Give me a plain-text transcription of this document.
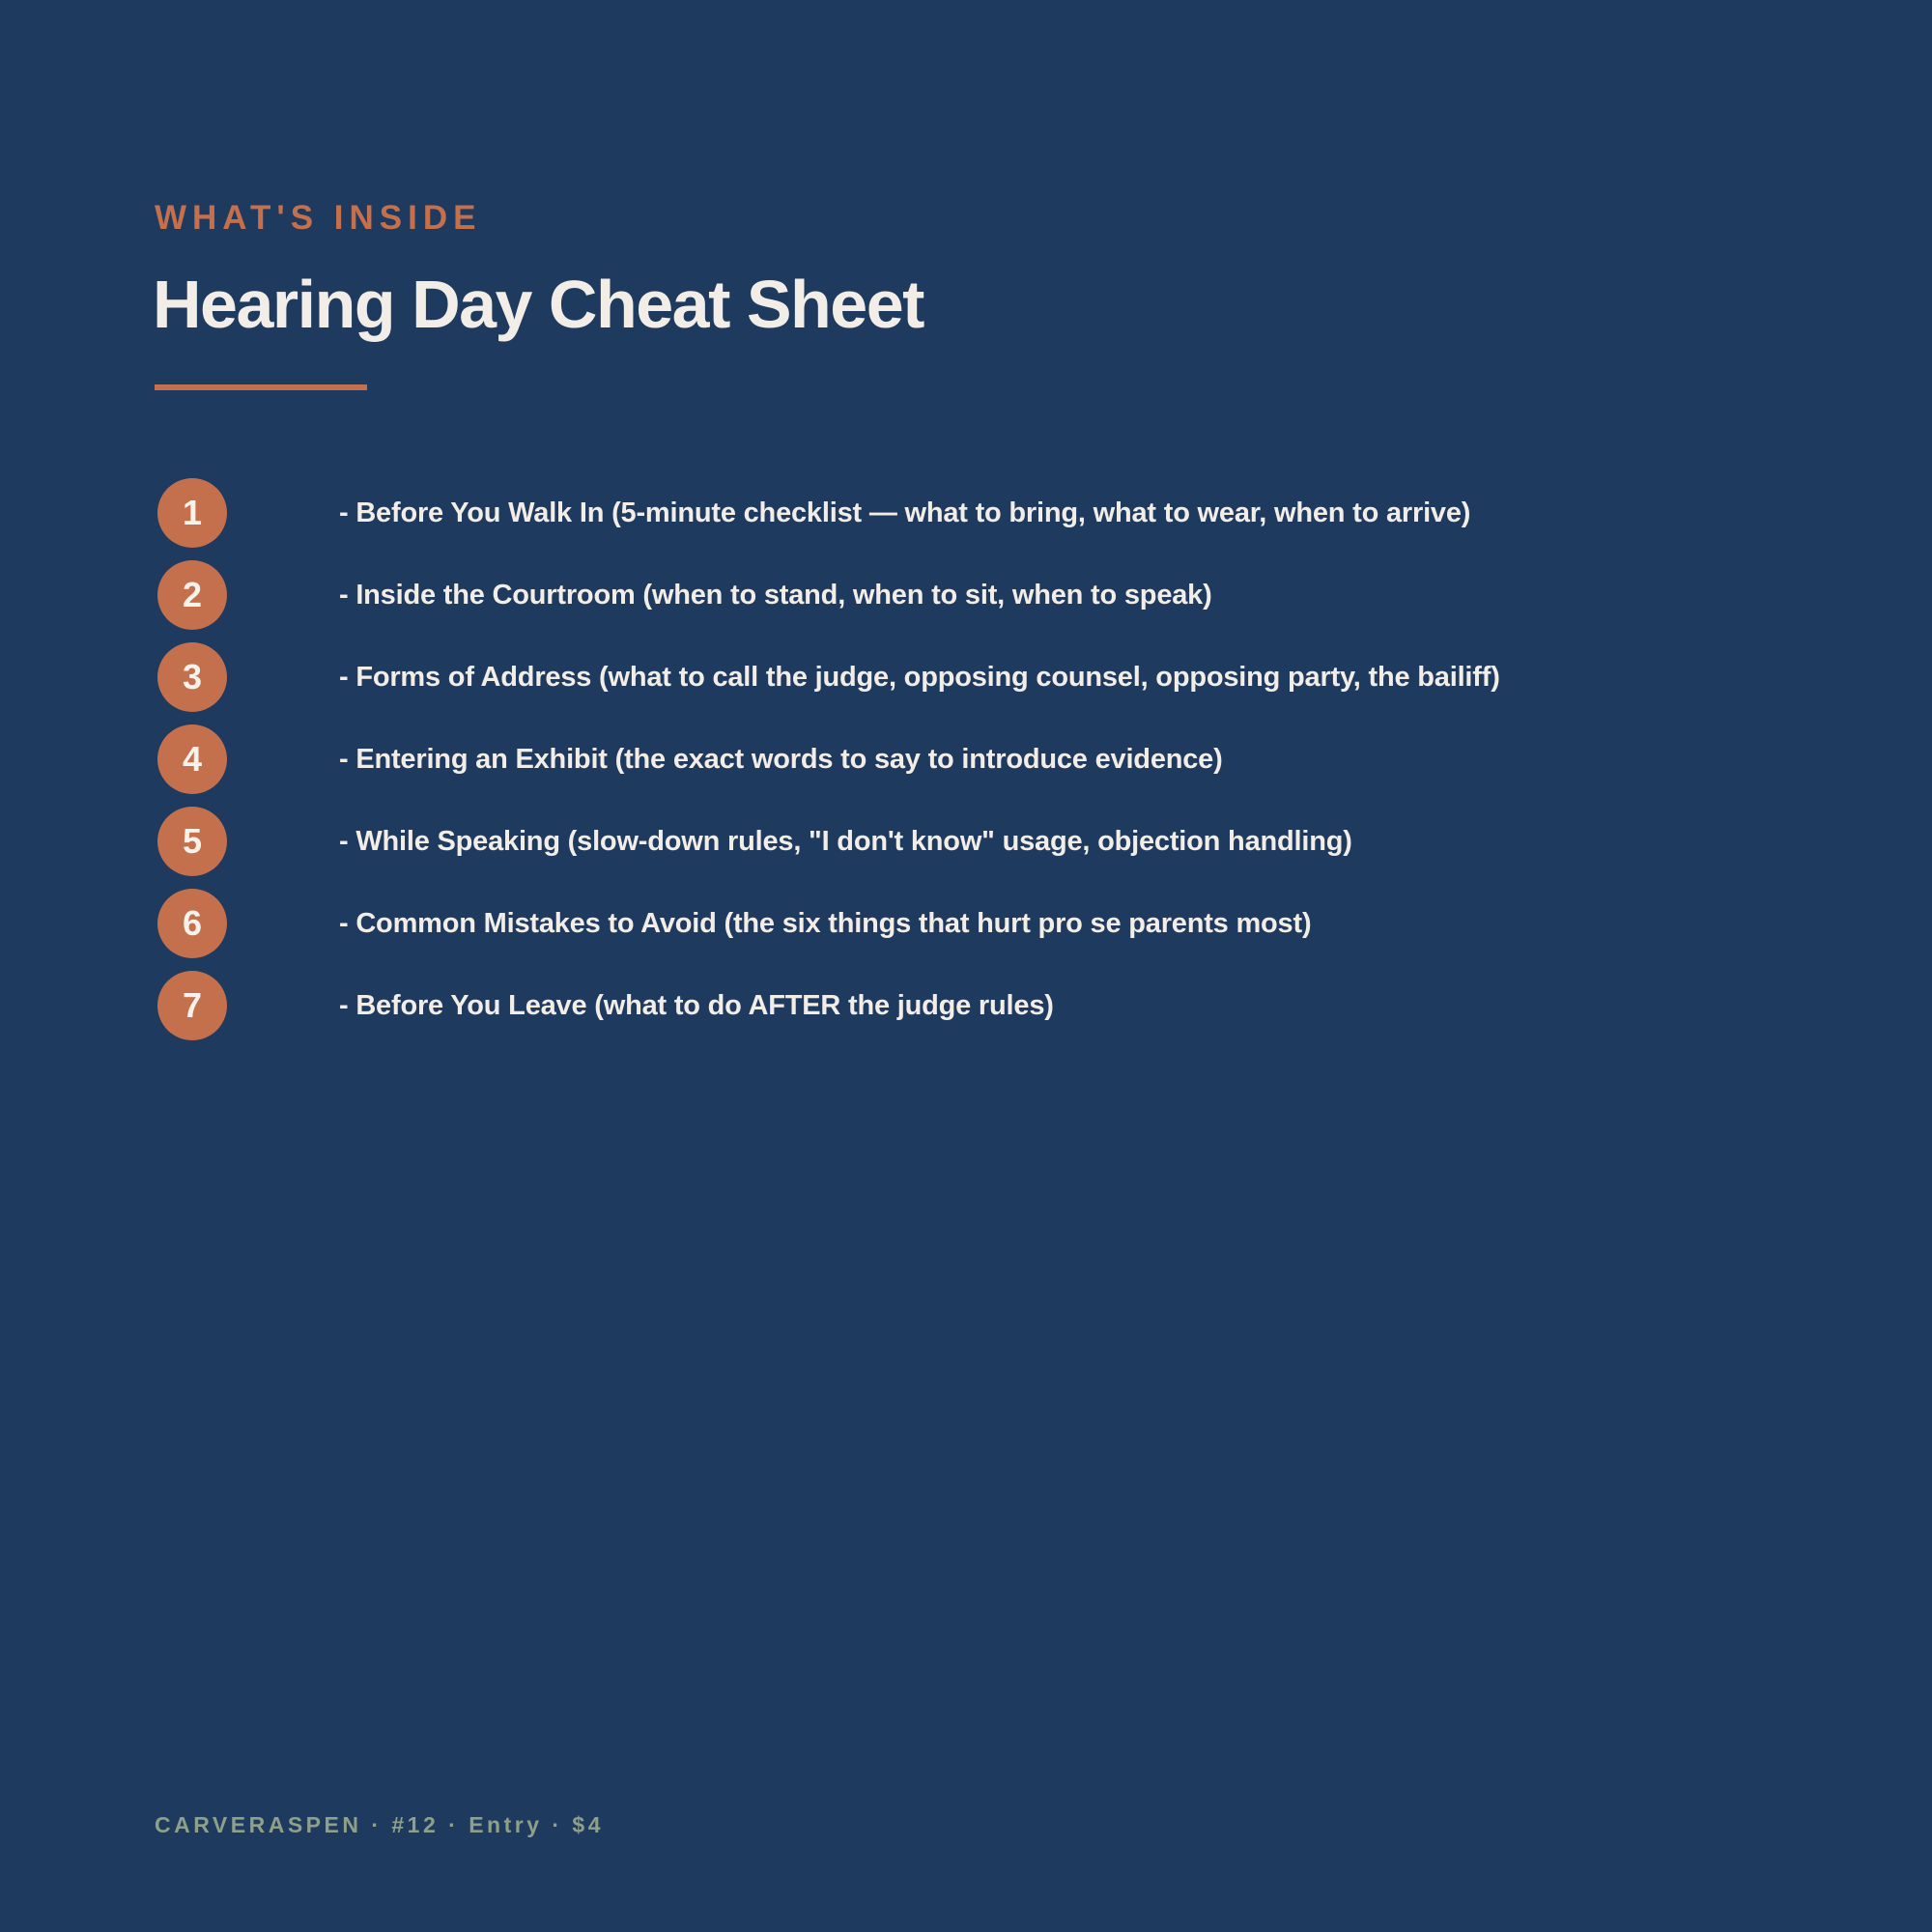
WHAT'S INSIDE
Hearing Day Cheat Sheet
1	- Before You Walk In (5-minute checklist — what to bring, what to wear, when to arrive)
2	- Inside the Courtroom (when to stand, when to sit, when to speak)
3	- Forms of Address (what to call the judge, opposing counsel, opposing party, the bailiff)
4	- Entering an Exhibit (the exact words to say to introduce evidence)
5	- While Speaking (slow-down rules, "I don't know" usage, objection handling)
6	- Common Mistakes to Avoid (the six things that hurt pro se parents most)
7	- Before You Leave (what to do AFTER the judge rules)
CARVERASPEN · #12 · Entry · $4
